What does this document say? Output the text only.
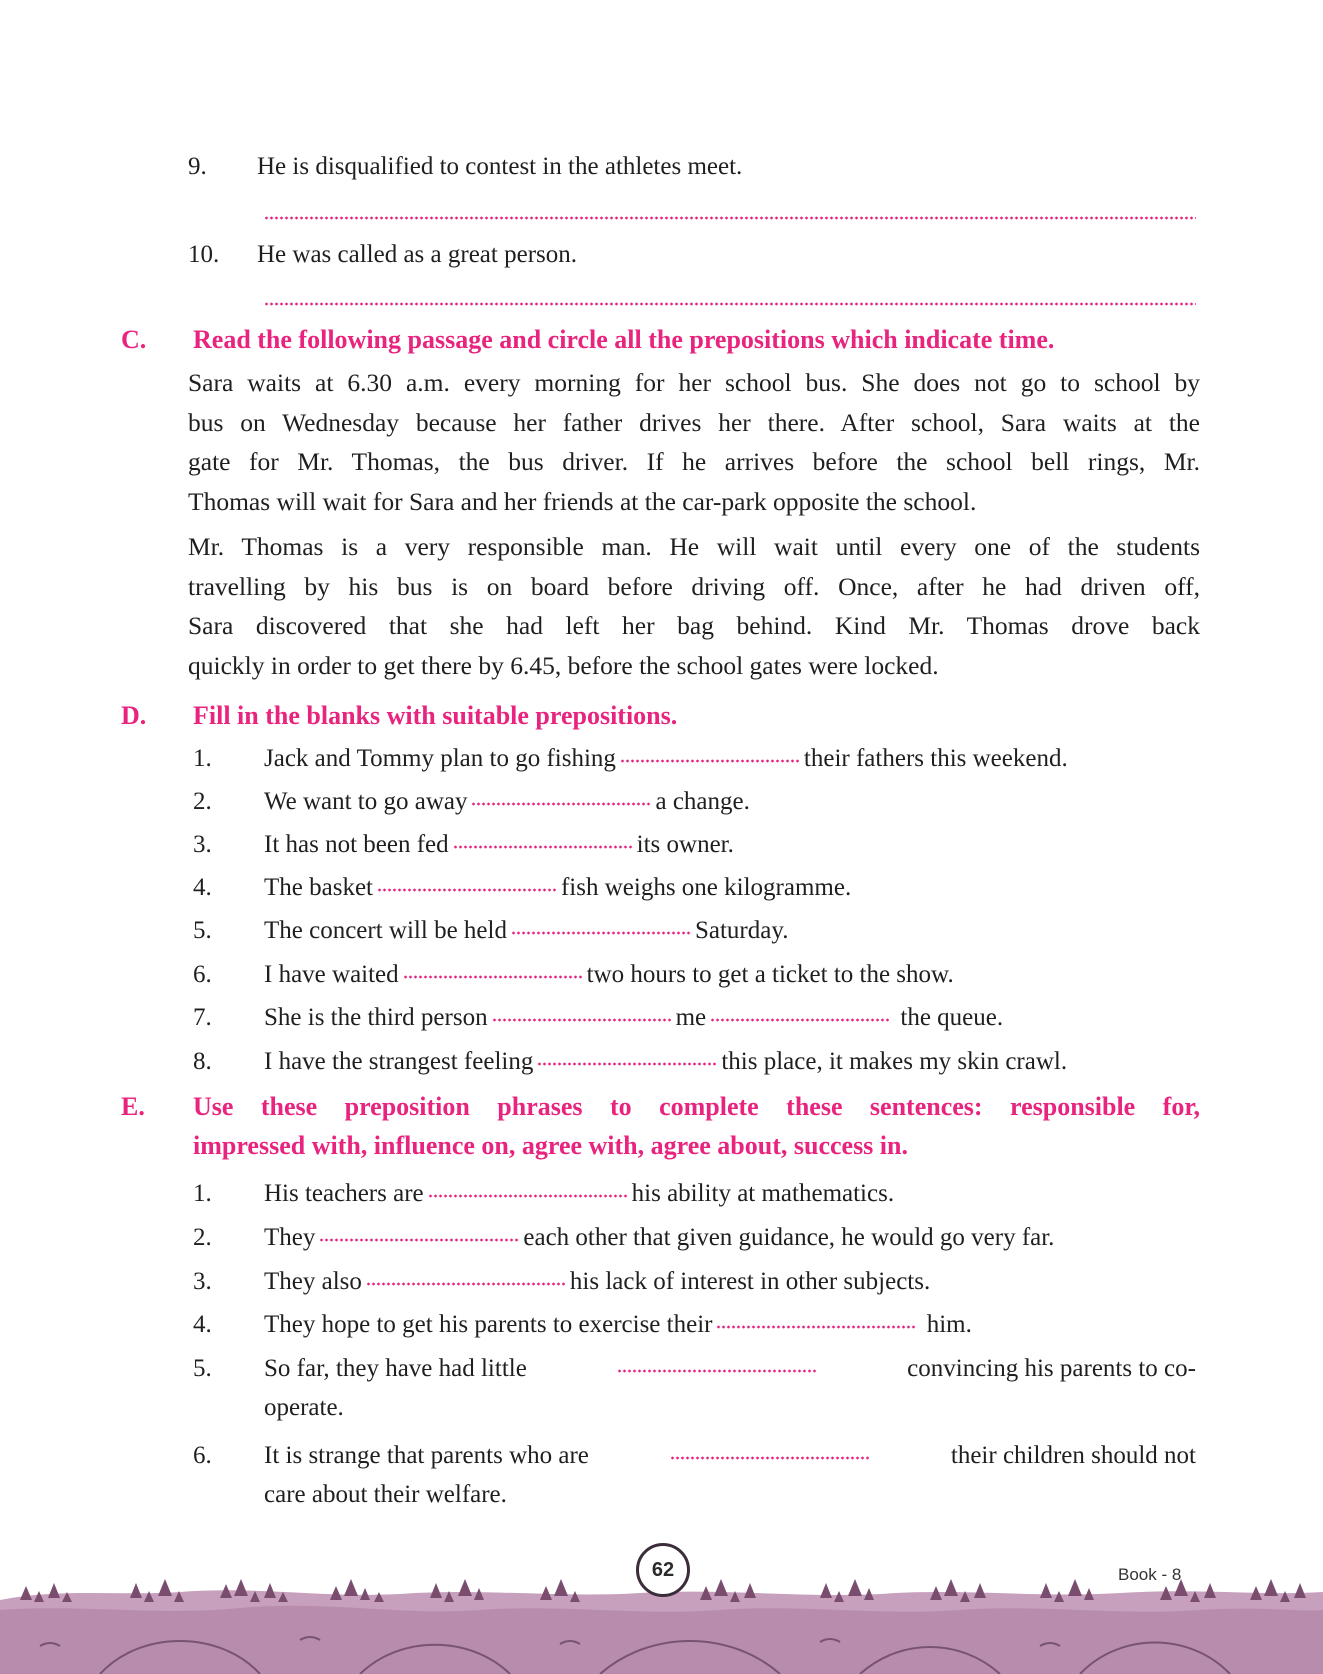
9. He is disqualified to contest in the athletes meet.
10. He was called as a great person.
C. Read the following passage and circle all the prepositions which indicate time.
Sara waits at 6.30 a.m. every morning for her school bus. She does not go to school by
bus on Wednesday because her father drives her there. After school, Sara waits at the
gate for Mr. Thomas, the bus driver. If he arrives before the school bell rings, Mr.
Thomas will wait for Sara and her friends at the car-park opposite the school.
Mr. Thomas is a very responsible man. He will wait until every one of the students
travelling by his bus is on board before driving off. Once, after he had driven off,
Sara discovered that she had left her bag behind. Kind Mr. Thomas drove back
quickly in order to get there by 6.45, before the school gates were locked.
D. Fill in the blanks with suitable prepositions.
1. Jack and Tommy plan to go fishing	their fathers this weekend.
2. We want to go away	a change.
3. It has not been fed	its owner.
4. The basket	fish weighs one kilogramme.
5. The concert will be held	Saturday.
6. I have waited	two hours to get a ticket to the show.
7. She is the third person	me	the queue.
8. I have the strangest feeling	this place, it makes my skin crawl.
E. Use these preposition phrases to complete these sentences: responsible for,
impressed with, influence on, agree with, agree about, success in.
1. His teachers are	his ability at mathematics.
2. They	each other that given guidance, he would go very far.
3. They also	his lack of interest in other subjects.
4. They hope to get his parents to exercise their	him.
5. So far, they have had little	convincing his parents to co-
operate.
6. It is strange that parents who are	their children should not
care about their welfare.
62	Book - 8
